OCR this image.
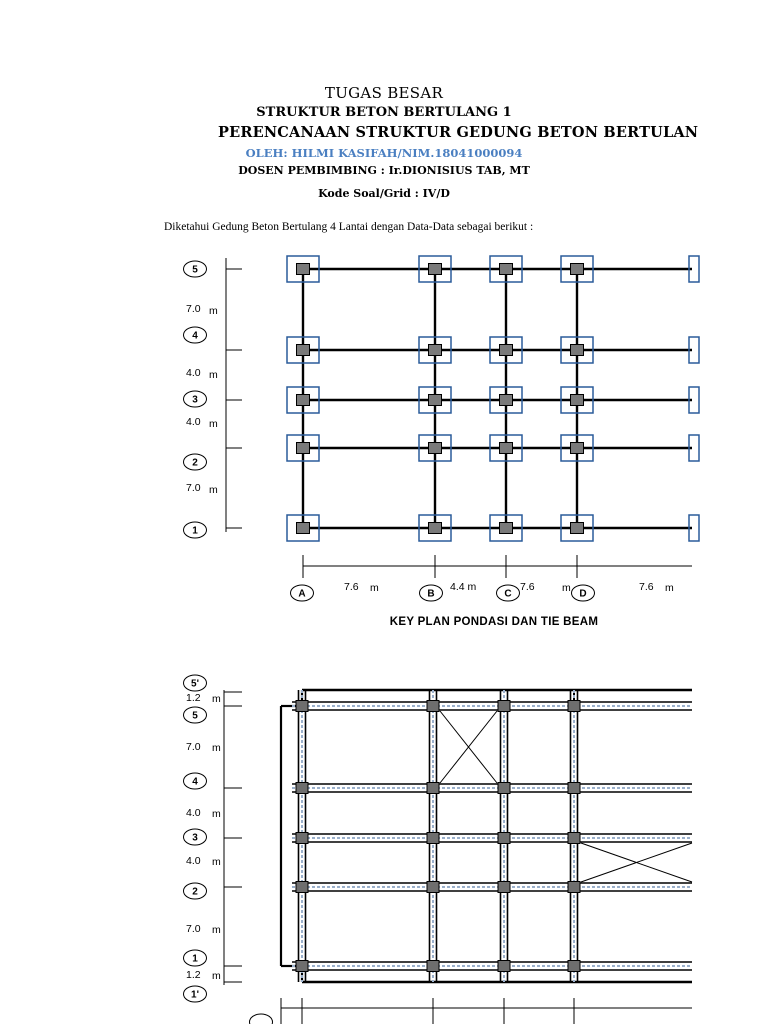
TUGAS BESAR
STRUKTUR BETON BERTULANG 1
PERENCANAAN STRUKTUR GEDUNG BETON BERTULAN
OLEH: HILMI KASIFAH/NIM.18041000094
DOSEN PEMBIMBING : Ir.DIONISIUS TAB, MT
Kode Soal/Grid : IV/D
Diketahui Gedung Beton Bertulang 4 Lantai dengan Data-Data sebagai berikut :
5
4
3
2
1
7.0 m
4.0 m
4.0 m
7.0 m
7.6 m	4.4 m	7.6	m	7.6 m
A	B	C	D
KEY PLAN PONDASI DAN TIE BEAM
5'
5
4
3
2
1
1'
1.2 m
7.0 m
4.0 m
4.0 m
7.0 m
1.2 m
